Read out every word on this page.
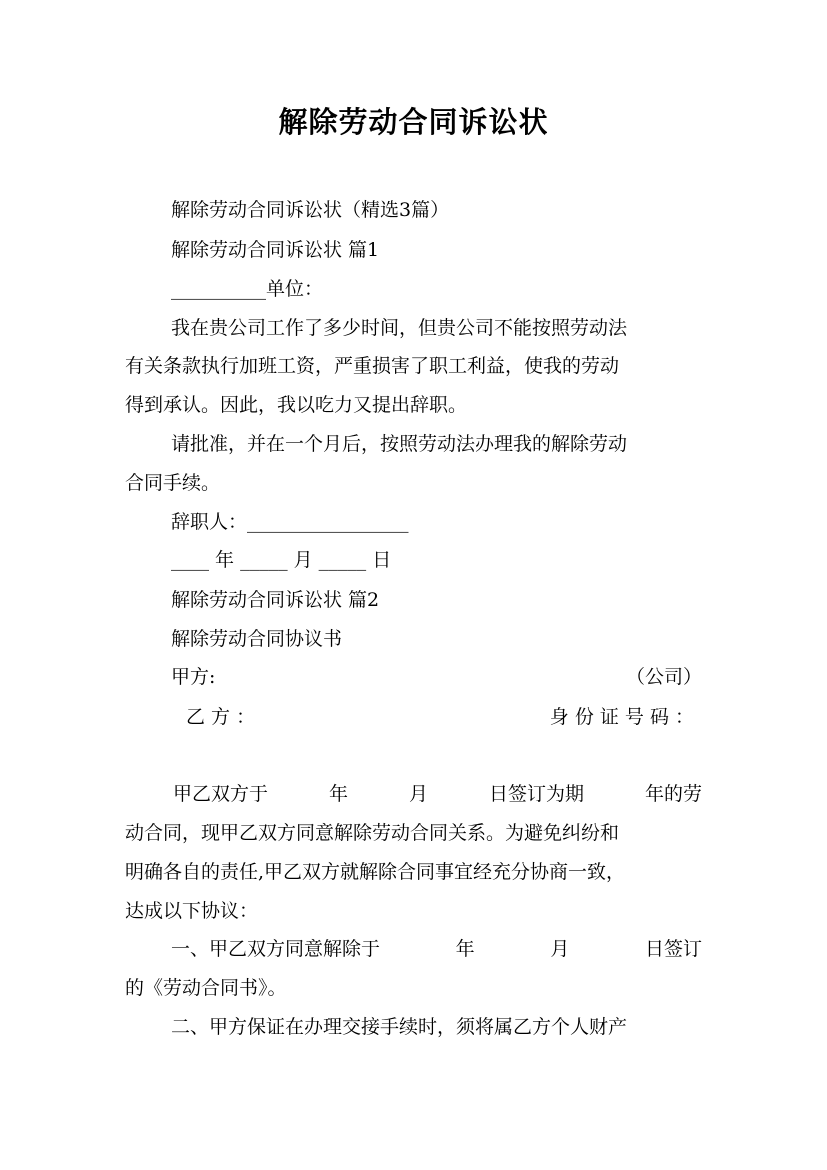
解除劳动合同诉讼状

解除劳动合同诉讼状（精选3篇）

解除劳动合同诉讼状 篇1

__________单位：

我在贵公司工作了多少时间，但贵公司不能按照劳动法

有关条款执行加班工资，严重损害了职工利益，使我的劳动

得到承认。因此，我以吃力又提出辞职。

请批准，并在一个月后，按照劳动法办理我的解除劳动

合同手续。

辞职人：_________________

____ 年 _____ 月 _____ 日

解除劳动合同诉讼状 篇2

解除劳动合同协议书

甲方:	（公司）
乙 方 ：	身 份 证 号 码 ：
甲乙双方于	年	月	日签订为期	年的劳

动合同，现甲乙双方同意解除劳动合同关系。为避免纠纷和

明确各自的责任,甲乙双方就解除合同事宜经充分协商一致，

达成以下协议：

一、甲乙双方同意解除于	年	月	日签订

的《劳动合同书》。

二、甲方保证在办理交接手续时，须将属乙方个人财产
